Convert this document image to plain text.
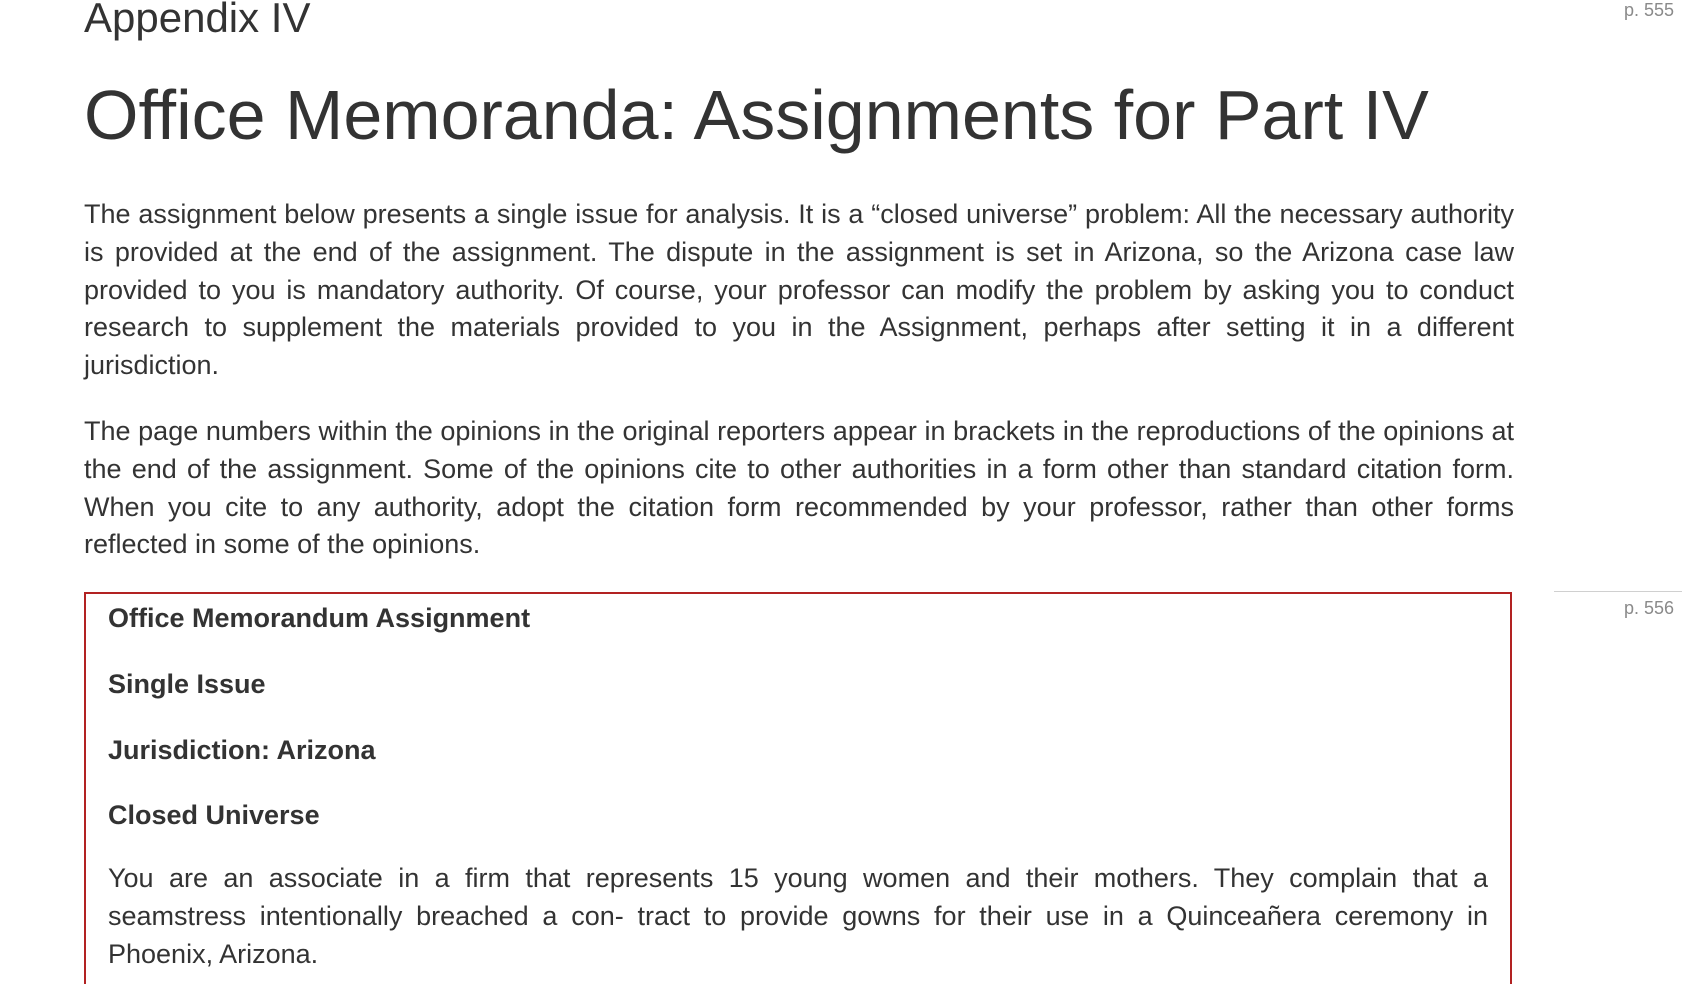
p. 555
p. 556
Appendix IV
Office Memoranda: Assignments for Part IV

The assignment below presents a single issue for analysis. It is a “closed universe” problem: All the necessary authority is provided at the end of the assignment. The dispute in the assignment is set in Arizona, so the Arizona case law provided to you is mandatory authority. Of course, your professor can modify the problem by asking you to conduct research to supplement the materials provided to you in the Assignment, perhaps after setting it in a different jurisdiction.

The page numbers within the opinions in the original reporters appear in brackets in the reproductions of the opinions at the end of the assignment. Some of the opinions cite to other authorities in a form other than standard citation form. When you cite to any authority, adopt the citation form recommended by your professor, rather than other forms reflected in some of the opinions.

Office Memorandum Assignment

Single Issue

Jurisdiction: Arizona

Closed Universe

You are an associate in a firm that represents 15 young women and their mothers. They complain that a seamstress intentionally breached a con- tract to provide gowns for their use in a Quinceañera ceremony in Phoenix, Arizona.
